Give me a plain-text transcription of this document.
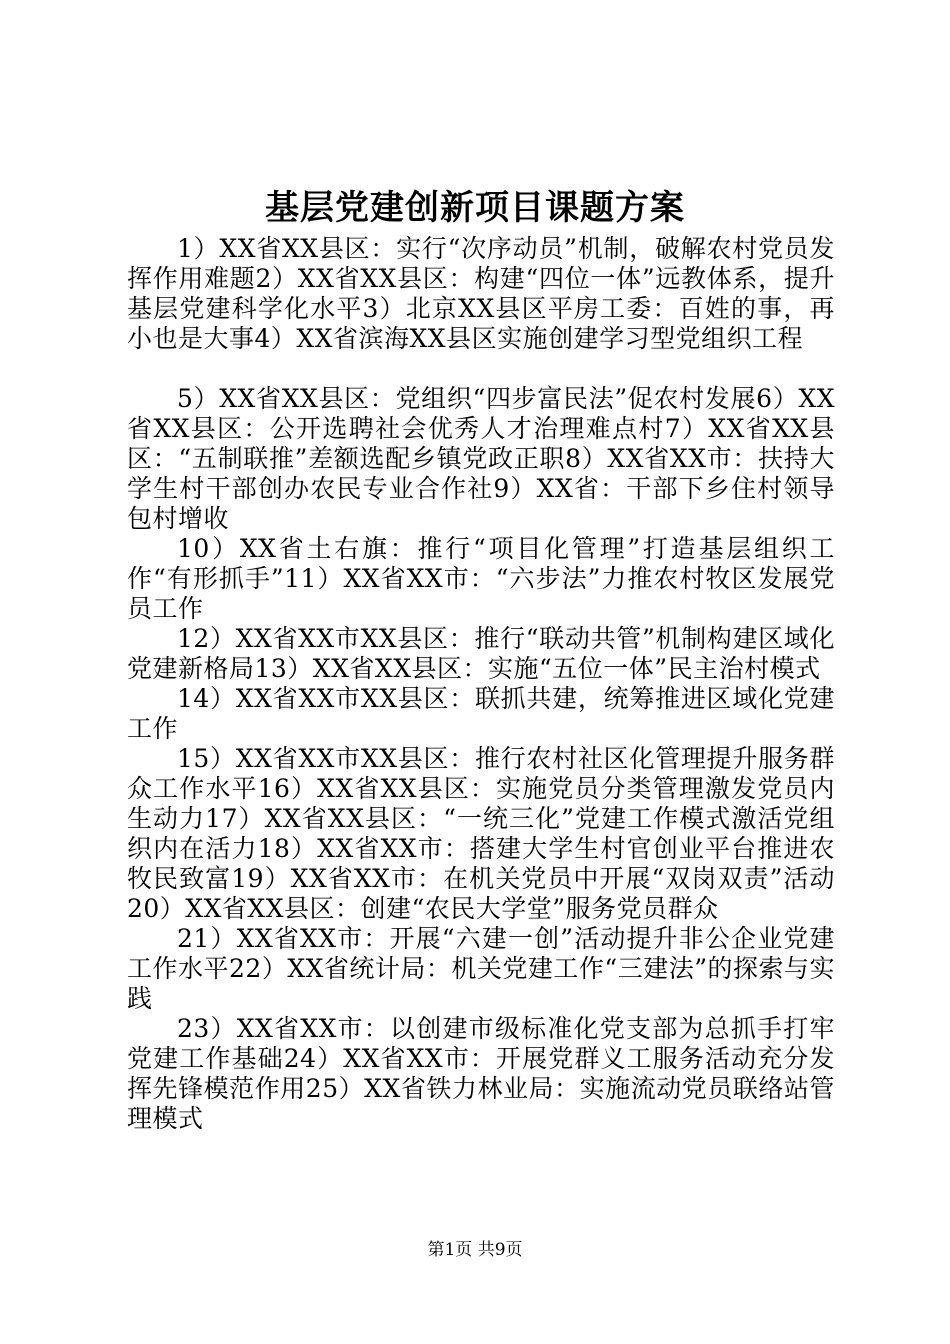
基层党建创新项目课题方案

1）XX省XX县区：实行“次序动员”机制，破解农村党员发挥作用难题2）XX省XX县区：构建“四位一体”远教体系，提升基层党建科学化水平3）北京XX县区平房工委：百姓的事，再小也是大事4）XX省滨海XX县区实施创建学习型党组织工程

5）XX省XX县区：党组织“四步富民法”促农村发展6）XX省XX县区：公开选聘社会优秀人才治理难点村7）XX省XX县区：“五制联推”差额选配乡镇党政正职8）XX省XX市：扶持大学生村干部创办农民专业合作社9）XX省：干部下乡住村领导包村增收

10）XX省土右旗：推行“项目化管理”打造基层组织工作“有形抓手”11）XX省XX市：“六步法”力推农村牧区发展党员工作

12）XX省XX市XX县区：推行“联动共管”机制构建区域化党建新格局13）XX省XX县区：实施“五位一体”民主治村模式

14）XX省XX市XX县区：联抓共建，统筹推进区域化党建工作

15）XX省XX市XX县区：推行农村社区化管理提升服务群众工作水平16）XX省XX县区：实施党员分类管理激发党员内生动力17）XX省XX县区：“一统三化”党建工作模式激活党组织内在活力18）XX省XX市：搭建大学生村官创业平台推进农牧民致富19）XX省XX市：在机关党员中开展“双岗双责”活动20）XX省XX县区：创建“农民大学堂”服务党员群众

21）XX省XX市：开展“六建一创”活动提升非公企业党建工作水平22）XX省统计局：机关党建工作“三建法”的探索与实践

23）XX省XX市：以创建市级标准化党支部为总抓手打牢党建工作基础24）XX省XX市：开展党群义工服务活动充分发挥先锋模范作用25）XX省铁力林业局：实施流动党员联络站管理模式

第1页 共9页
